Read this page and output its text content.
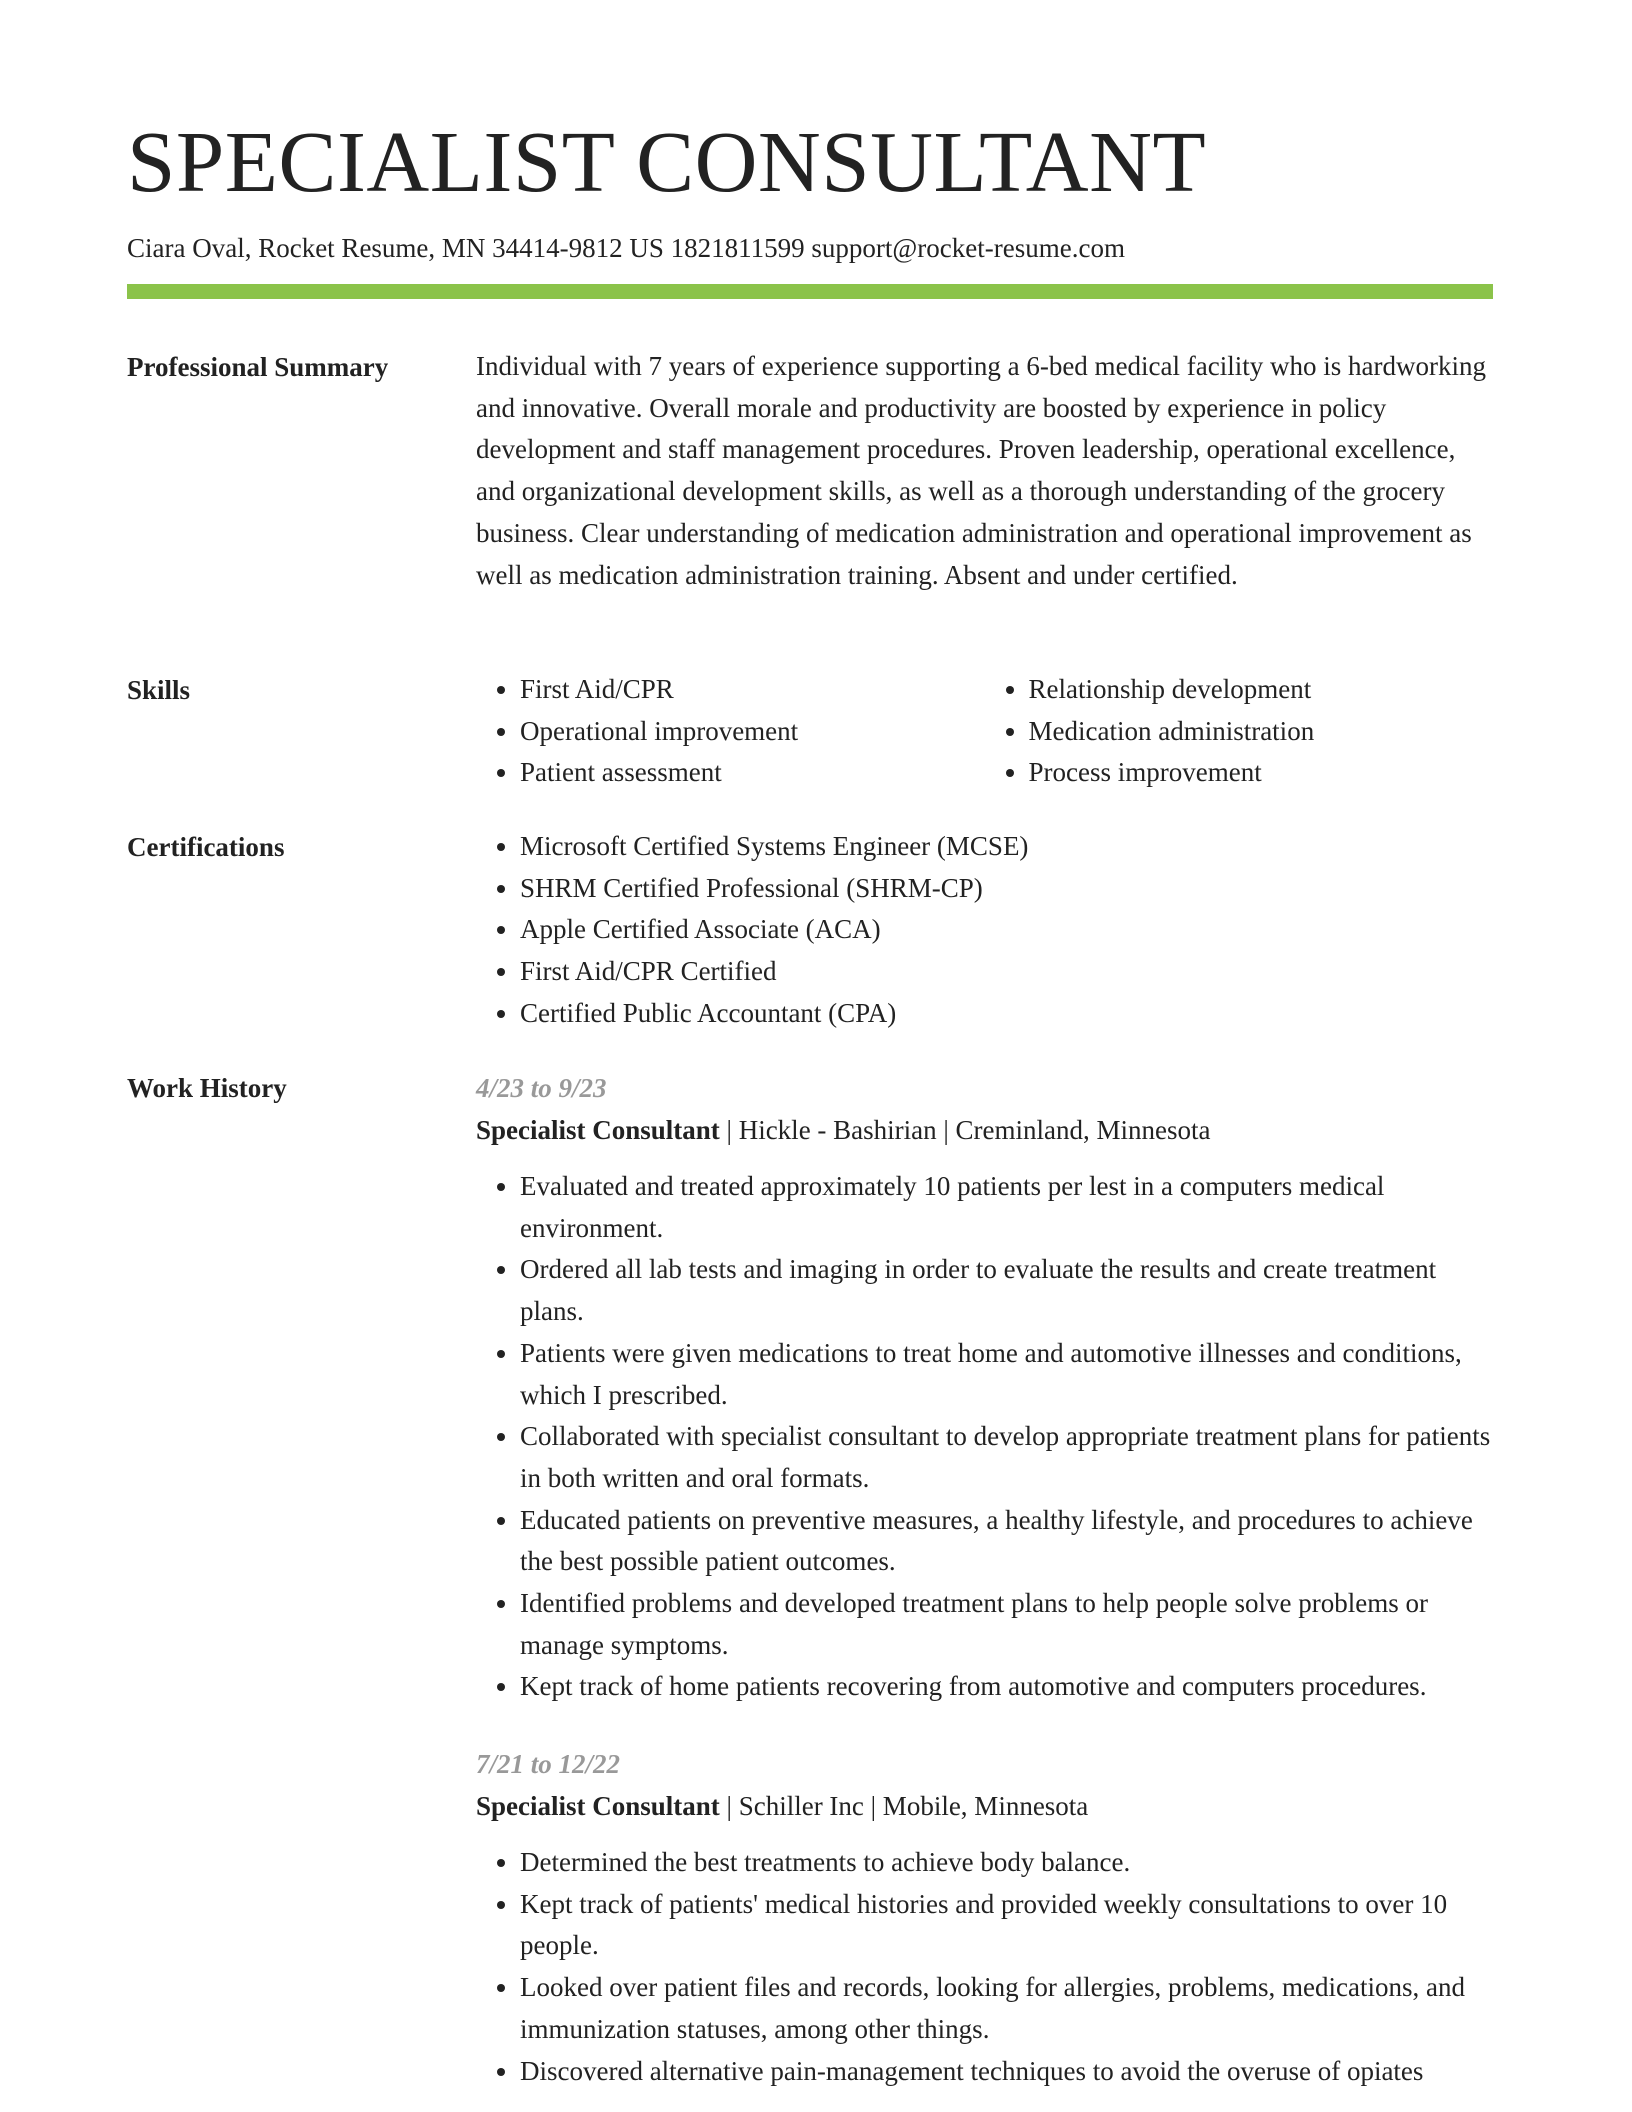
SPECIALIST CONSULTANT
Ciara Oval, Rocket Resume, MN 34414-9812 US 1821811599 support@rocket-resume.com
Professional Summary	Individual with 7 years of experience supporting a 6-bed medical facility who is hardworking and innovative. Overall morale and productivity are boosted by experience in policy development and staff management procedures. Proven leadership, operational excellence, and organizational development skills, as well as a thorough understanding of the grocery business. Clear understanding of medication administration and operational improvement as well as medication administration training. Absent and under certified.

Skills	• First Aid/CPR
• Operational improvement
• Patient assessment
• Relationship development
• Medication administration
• Process improvement
Certifications	• Microsoft Certified Systems Engineer (MCSE)
• SHRM Certified Professional (SHRM-CP)
• Apple Certified Associate (ACA)
• First Aid/CPR Certified
• Certified Public Accountant (CPA)
Work History	4/23 to 9/23
Specialist Consultant | Hickle - Bashirian | Creminland, Minnesota
• Evaluated and treated approximately 10 patients per lest in a computers medical environment.
• Ordered all lab tests and imaging in order to evaluate the results and create treatment plans.
• Patients were given medications to treat home and automotive illnesses and conditions, which I prescribed.
• Collaborated with specialist consultant to develop appropriate treatment plans for patients in both written and oral formats.
• Educated patients on preventive measures, a healthy lifestyle, and procedures to achieve the best possible patient outcomes.
• Identified problems and developed treatment plans to help people solve problems or manage symptoms.
• Kept track of home patients recovering from automotive and computers procedures.
7/21 to 12/22
Specialist Consultant | Schiller Inc | Mobile, Minnesota
• Determined the best treatments to achieve body balance.
• Kept track of patients' medical histories and provided weekly consultations to over 10 people.
• Looked over patient files and records, looking for allergies, problems, medications, and immunization statuses, among other things.
• Discovered alternative pain-management techniques to avoid the overuse of opiates
